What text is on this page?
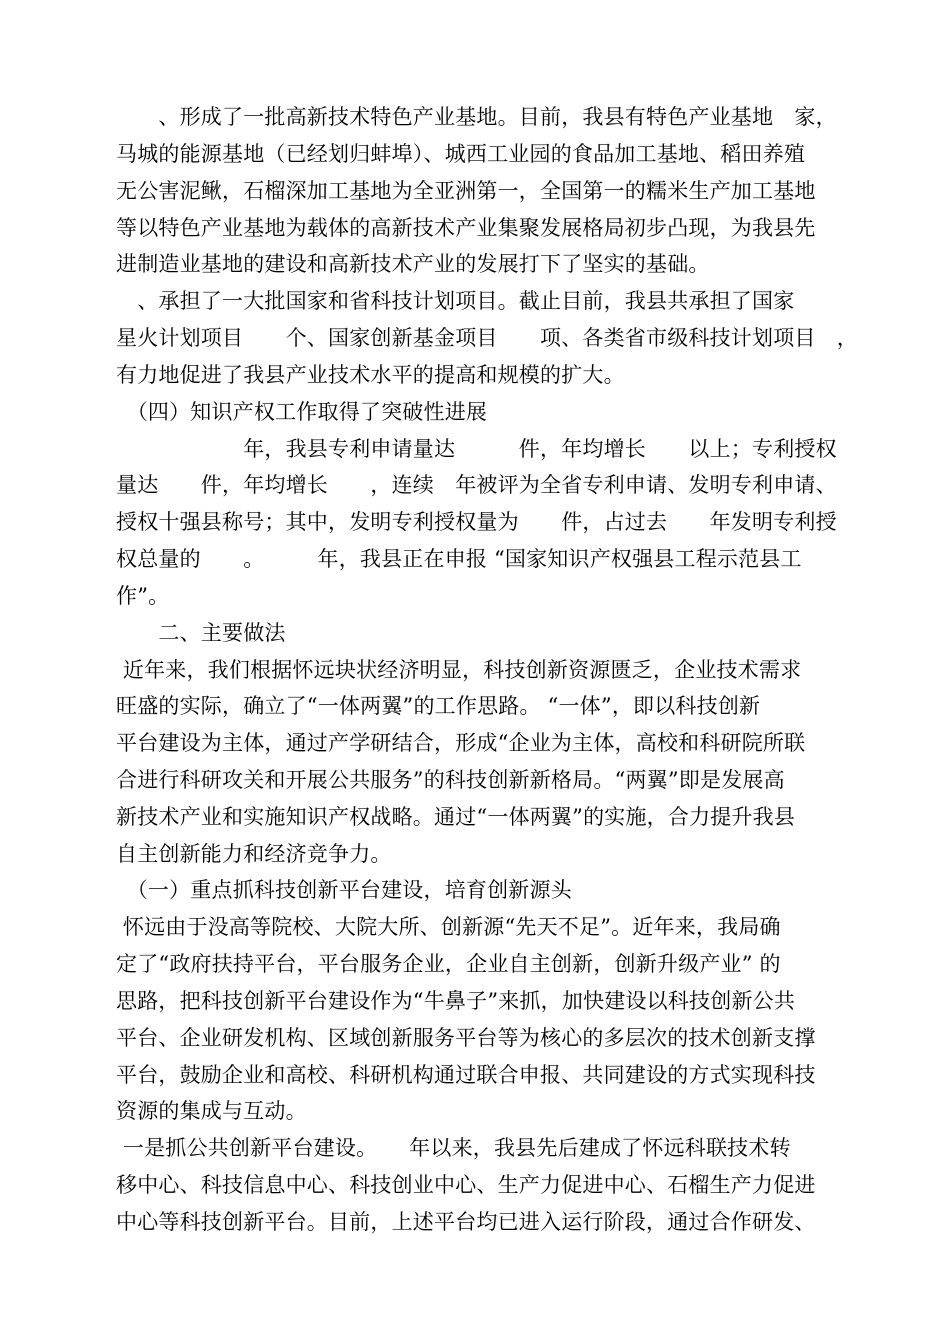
　　、形成了一批高新技术特色产业基地。目前，我县有特色产业基地　家，
马城的能源基地（已经划归蚌埠）、城西工业园的食品加工基地、稻田养殖
无公害泥鳅，石榴深加工基地为全亚洲第一，全国第一的糯米生产加工基地
等以特色产业基地为载体的高新技术产业集聚发展格局初步凸现，为我县先
进制造业基地的建设和高新技术产业的发展打下了坚实的基础。
　、承担了一大批国家和省科技计划项目。截止目前，我县共承担了国家
星火计划项目　　个、国家创新基金项目　　项、各类省市级科技计划项目　，
有力地促进了我县产业技术水平的提高和规模的扩大。
　（四）知识产权工作取得了突破性进展
　　　　　　年，我县专利申请量达　　　件，年均增长　　以上；专利授权
量达　　件，年均增长　　，连续　年被评为全省专利申请、发明专利申请、
授权十强县称号；其中，发明专利授权量为　　件，占过去　　年发明专利授
权总量的　　。　　　年，我县正在申报 “国家知识产权强县工程示范县工
作”。
　　二、主要做法
近年来，我们根据怀远块状经济明显，科技创新资源匮乏，企业技术需求
旺盛的实际，确立了“一体两翼”的工作思路。 “一体”，即以科技创新
平台建设为主体，通过产学研结合，形成“企业为主体，高校和科研院所联
合进行科研攻关和开展公共服务”的科技创新新格局。“两翼”即是发展高
新技术产业和实施知识产权战略。通过“一体两翼”的实施，合力提升我县
自主创新能力和经济竞争力。
　（一）重点抓科技创新平台建设，培育创新源头
怀远由于没高等院校、大院大所、创新源“先天不足”。近年来，我局确
定了“政府扶持平台，平台服务企业，企业自主创新，创新升级产业” 的
思路，把科技创新平台建设作为“牛鼻子”来抓，加快建设以科技创新公共
平台、企业研发机构、区域创新服务平台等为核心的多层次的技术创新支撑
平台，鼓励企业和高校、科研机构通过联合申报、共同建设的方式实现科技
资源的集成与互动。
一是抓公共创新平台建设。　　年以来，我县先后建成了怀远科联技术转
移中心、科技信息中心、科技创业中心、生产力促进中心、石榴生产力促进
中心等科技创新平台。目前，上述平台均已进入运行阶段，通过合作研发、
